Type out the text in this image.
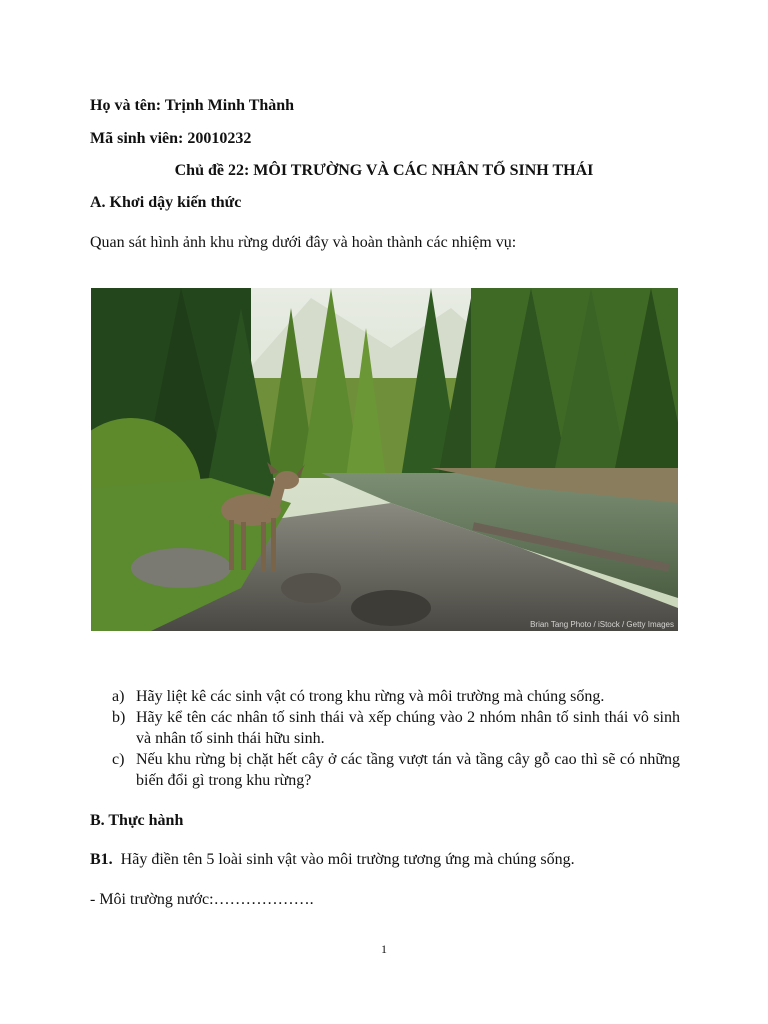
Họ và tên: Trịnh Minh Thành
Mã sinh viên: 20010232
Chủ đề 22: MÔI TRƯỜNG VÀ CÁC NHÂN TỐ SINH THÁI
A. Khơi dậy kiến thức
Quan sát hình ảnh khu rừng dưới đây và hoàn thành các nhiệm vụ:
Brian Tang Photo / iStock / Getty Images
a) Hãy liệt kê các sinh vật có trong khu rừng và môi trường mà chúng sống.
b) Hãy kể tên các nhân tố sinh thái và xếp chúng vào 2 nhóm nhân tố sinh thái vô sinh và nhân tố sinh thái hữu sinh.
c) Nếu khu rừng bị chặt hết cây ở các tầng vượt tán và tầng cây gỗ cao thì sẽ có những biến đổi gì trong khu rừng?
B. Thực hành
B1. Hãy điền tên 5 loài sinh vật vào môi trường tương ứng mà chúng sống.
- Môi trường nước:……………….
1
